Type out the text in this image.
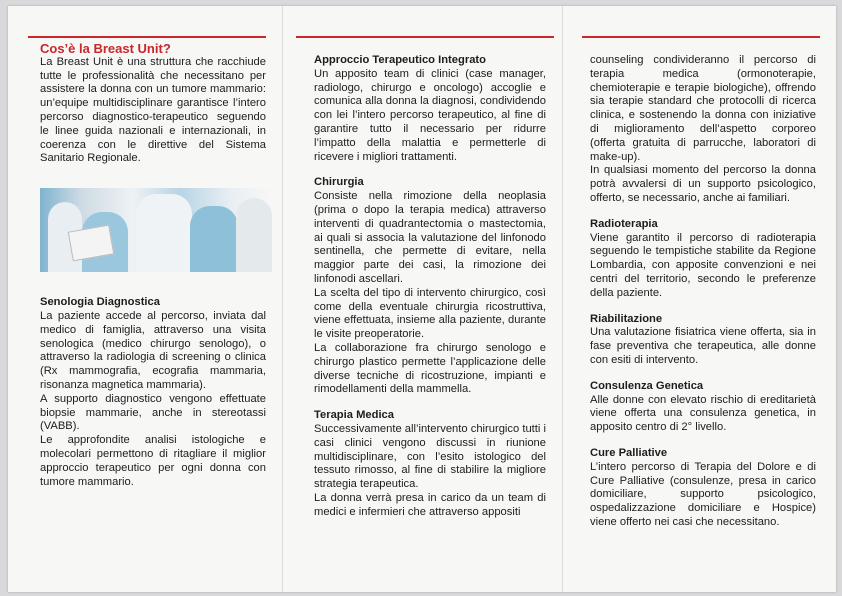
Cos’è la Breast Unit?

La Breast Unit è una struttura che racchiude tutte le professionalità che necessitano per assistere la donna con un tumore mammario: un’equipe multidisciplinare garantisce l’intero percorso diagnostico-terapeutico seguendo le linee guida nazionali e internazionali, in coerenza con le direttive del Sistema Sanitario Regionale.

Senologia Diagnostica

La paziente accede al percorso, inviata dal medico di famiglia, attraverso una visita senologica (medico chirurgo senologo), o attraverso la radiologia di screening o clinica (Rx mammografia, ecografia mammaria, risonanza magnetica mammaria).

A supporto diagnostico vengono effettuate biopsie mammarie, anche in stereotassi (VABB).

Le approfondite analisi istologiche e molecolari permettono di ritagliare il miglior approccio terapeutico per ogni donna con tumore mammario.

Approccio Terapeutico Integrato

Un apposito team di clinici (case manager, radiologo, chirurgo e oncologo) accoglie e comunica alla donna la diagnosi, condividendo con lei l’intero percorso terapeutico, al fine di garantire tutto il necessario per ridurre l’impatto della malattia e permetterle di ricevere i migliori trattamenti.

Chirurgia

Consiste nella rimozione della neoplasia (prima o dopo la terapia medica) attraverso interventi di quadrantectomia o mastectomia, ai quali si associa la valutazione del linfonodo sentinella, che permette di evitare, nella maggior parte dei casi, la rimozione dei linfonodi ascellari.

La scelta del tipo di intervento chirurgico, così come della eventuale chirurgia ricostruttiva, viene effettuata, insieme alla paziente, durante le visite preoperatorie.

La collaborazione fra chirurgo senologo e chirurgo plastico permette l’applicazione delle diverse tecniche di ricostruzione, impianti e rimodellamenti della mammella.

Terapia Medica

Successivamente all’intervento chirurgico tutti i casi clinici vengono discussi in riunione multidisciplinare, con l’esito istologico del tessuto rimosso, al fine di stabilire la migliore strategia terapeutica.

La donna verrà presa in carico da un team di medici e infermieri che attraverso appositi

counseling condivideranno il percorso di terapia medica (ormonoterapie, chemioterapie e terapie biologiche), offrendo sia terapie standard che protocolli di ricerca clinica, e sostenendo la donna con iniziative di miglioramento dell’aspetto corporeo (offerta gratuita di parrucche, laboratori di make-up).

In qualsiasi momento del percorso la donna potrà avvalersi di un supporto psicologico, offerto, se necessario, anche ai familiari.

Radioterapia

Viene garantito il percorso di radioterapia seguendo le tempistiche stabilite da Regione Lombardia, con apposite convenzioni e nei centri del territorio, secondo le preferenze della paziente.

Riabilitazione

Una valutazione fisiatrica viene offerta, sia in fase preventiva che terapeutica, alle donne con esiti di intervento.

Consulenza Genetica

Alle donne con elevato rischio di ereditarietà viene offerta una consulenza genetica, in apposito centro di 2° livello.

Cure Palliative

L’intero percorso di Terapia del Dolore e di Cure Palliative (consulenze, presa in carico domiciliare, supporto psicologico, ospedalizzazione domiciliare e Hospice) viene offerto nei casi che necessitano.
